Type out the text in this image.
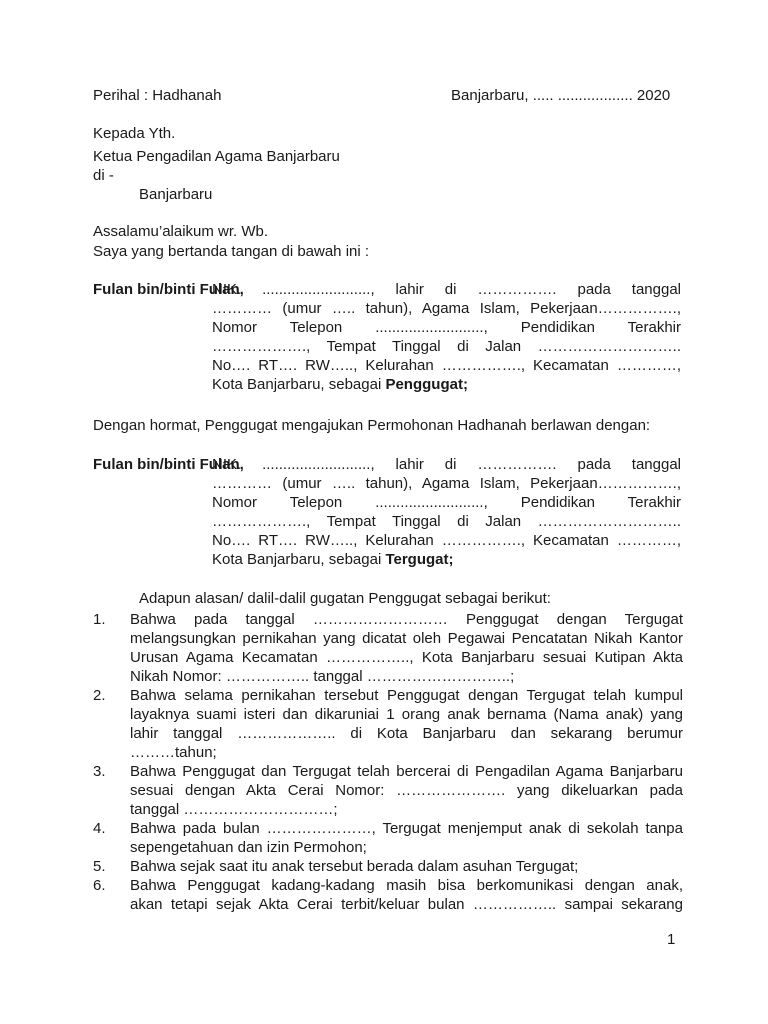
Perihal : Hadhanah	Banjarbaru, ..... .................. 2020
Kepada Yth.
Ketua Pengadilan Agama Banjarbaru
di -
Banjarbaru
Assalamu’alaikum wr. Wb.
Saya yang bertanda tangan di bawah ini :
Fulan bin/binti Fulan,
NIK. .........................., lahir di ……………. pada tanggal
………… (umur ….. tahun), Agama Islam, Pekerjaan…………….,
Nomor Telepon .........................., Pendidikan Terakhir
………………., Tempat Tinggal di Jalan ………………………..
No…. RT…. RW….., Kelurahan ……………., Kecamatan …………,
Kota Banjarbaru, sebagai Penggugat;
Dengan hormat, Penggugat mengajukan Permohonan Hadhanah berlawan dengan:
Fulan bin/binti Fulan,
NIK. .........................., lahir di ……………. pada tanggal
………… (umur ….. tahun), Agama Islam, Pekerjaan…………….,
Nomor Telepon .........................., Pendidikan Terakhir
………………., Tempat Tinggal di Jalan ………………………..
No…. RT…. RW….., Kelurahan ……………., Kecamatan …………,
Kota Banjarbaru, sebagai Tergugat;
Adapun alasan/ dalil-dalil gugatan Penggugat sebagai berikut:
1.	Bahwa pada tanggal ……………………… Penggugat dengan Tergugat
melangsungkan pernikahan yang dicatat oleh Pegawai Pencatatan Nikah Kantor
Urusan Agama Kecamatan …………….., Kota Banjarbaru sesuai Kutipan Akta
Nikah Nomor: …………….. tanggal ………………………..;
2.	Bahwa selama pernikahan tersebut Penggugat dengan Tergugat telah kumpul
layaknya suami isteri dan dikaruniai 1 orang anak bernama (Nama anak) yang
lahir tanggal ……………….. di Kota Banjarbaru dan sekarang berumur
………tahun;
3.	Bahwa Penggugat dan Tergugat telah bercerai di Pengadilan Agama Banjarbaru
sesuai dengan Akta Cerai Nomor: …………………. yang dikeluarkan pada
tanggal …………………………;
4.	Bahwa pada bulan …………………, Tergugat menjemput anak di sekolah tanpa
sepengetahuan dan izin Permohon;
5.	Bahwa sejak saat itu anak tersebut berada dalam asuhan Tergugat;
6.	Bahwa Penggugat kadang-kadang masih bisa berkomunikasi dengan anak,
akan tetapi sejak Akta Cerai terbit/keluar bulan …………….. sampai sekarang
1
